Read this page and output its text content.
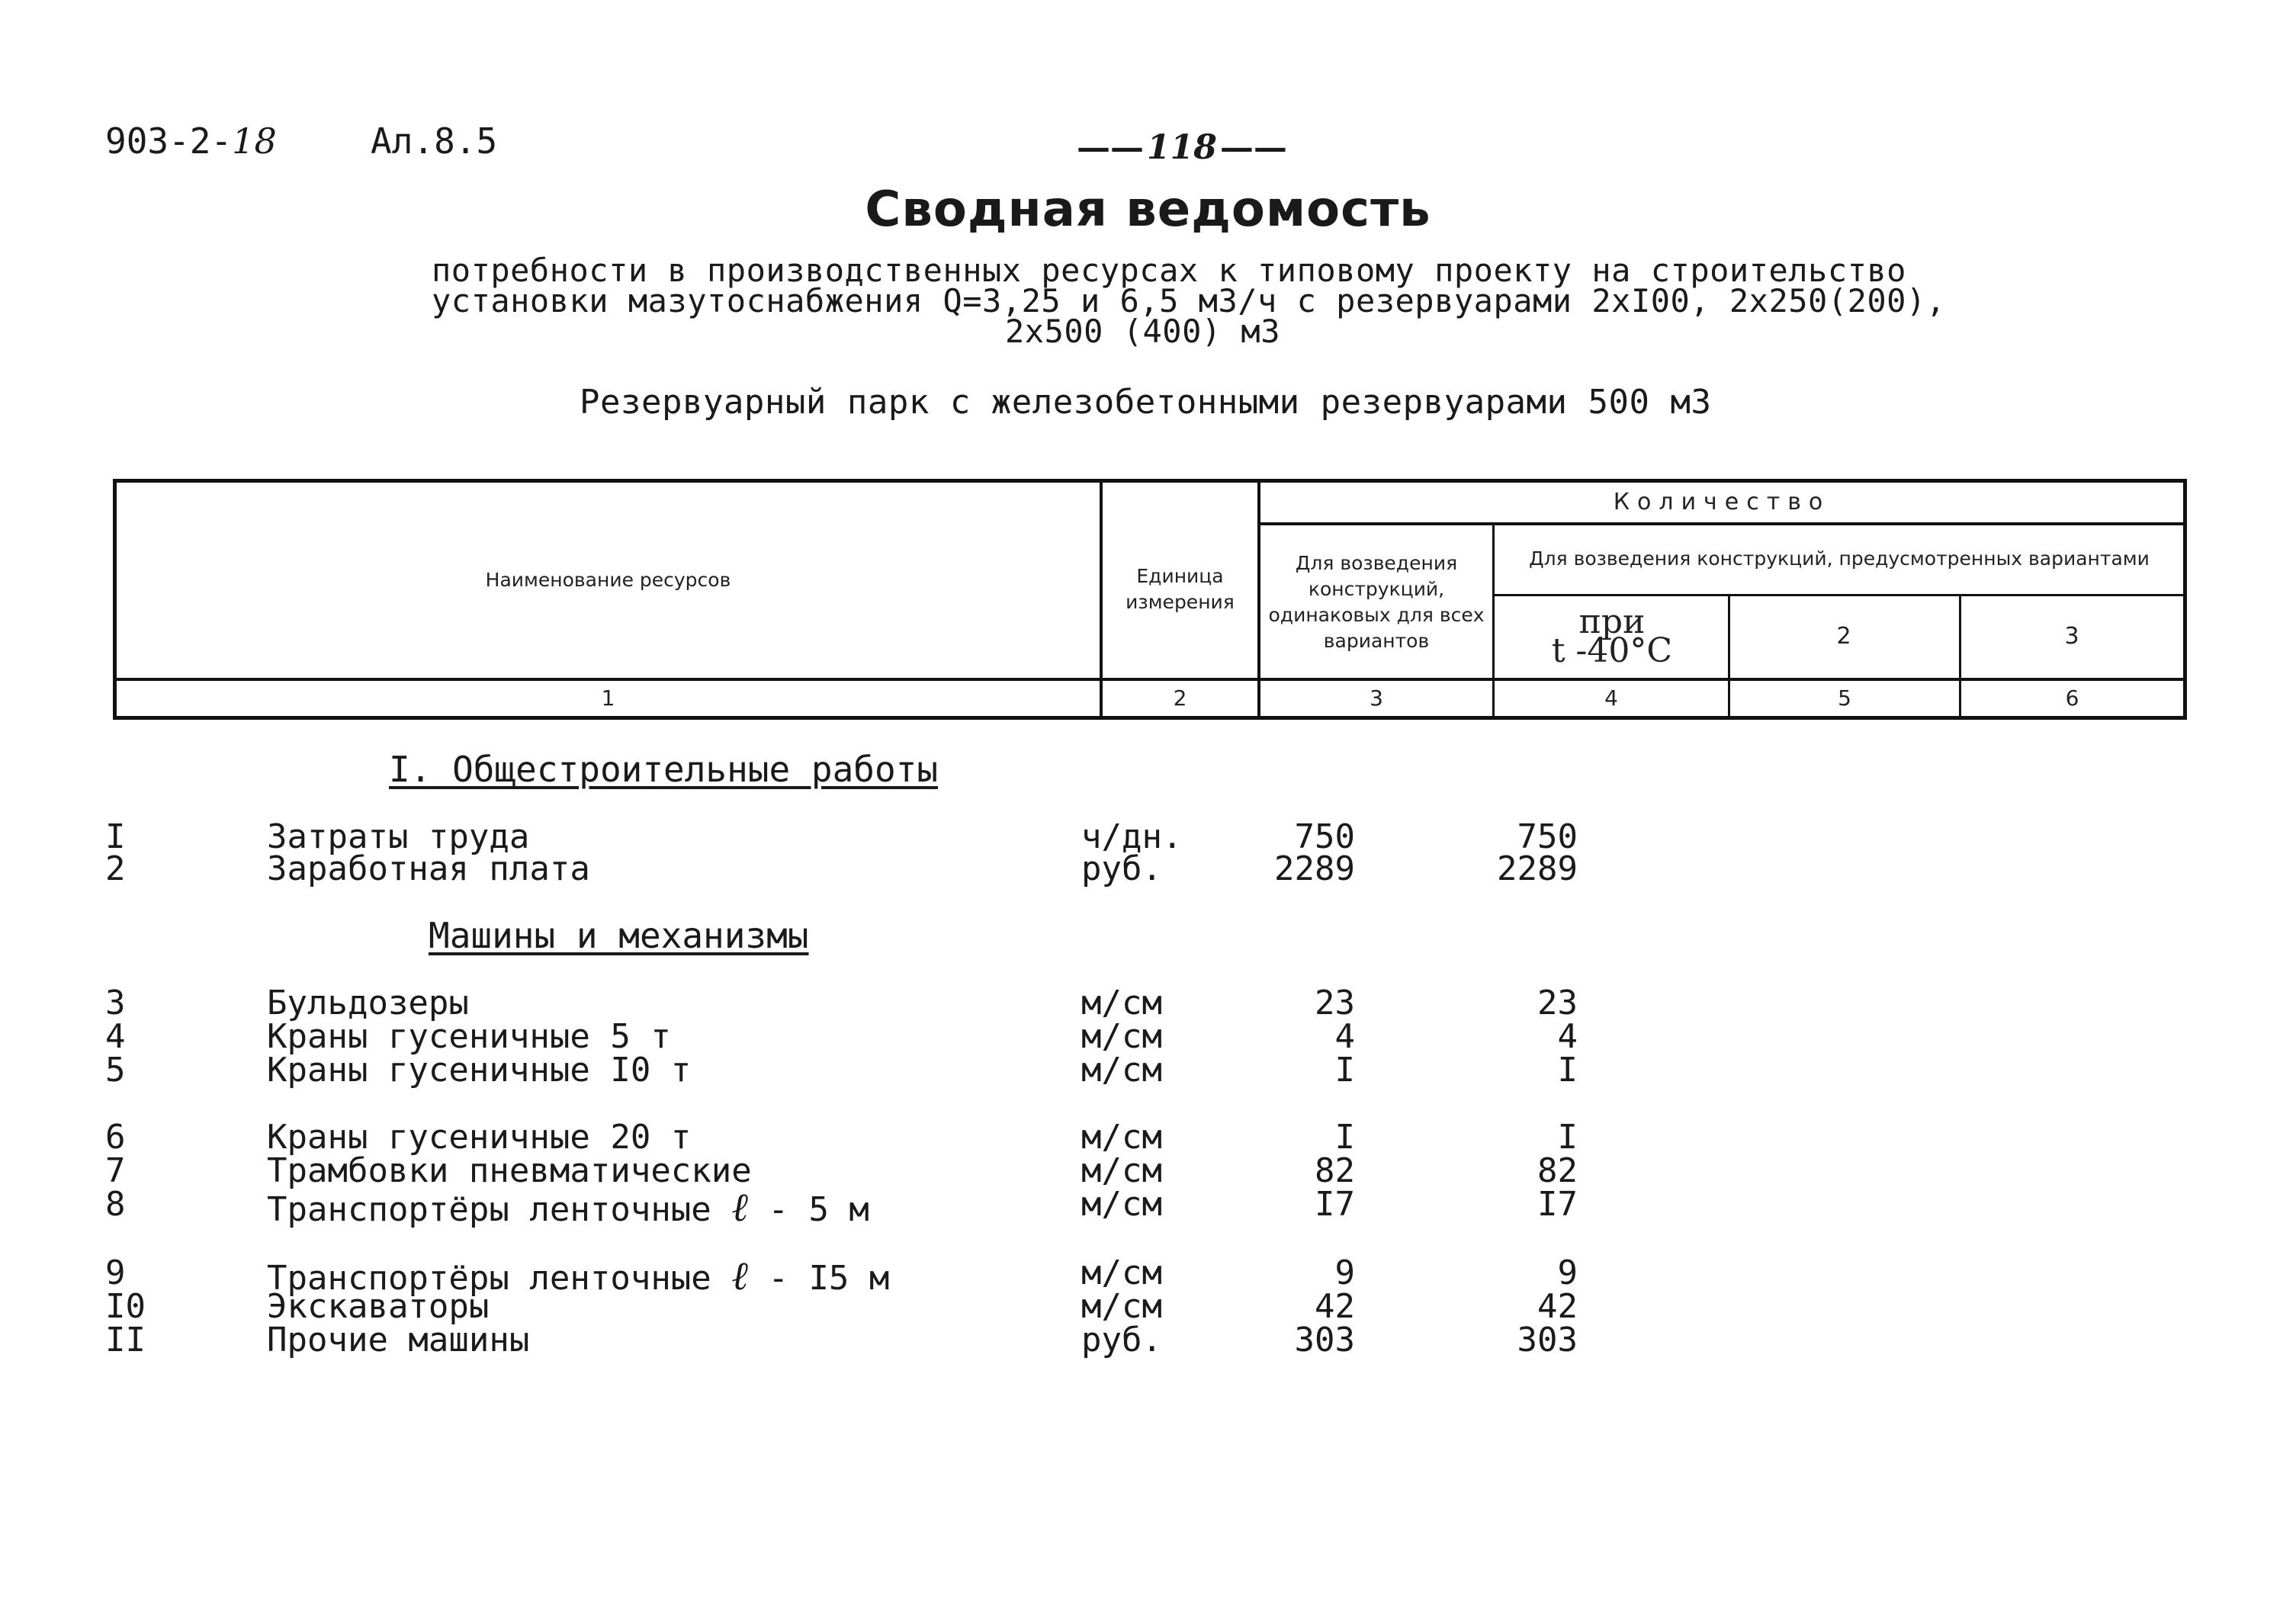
903-2-18	Ал.8.5
——	118 ——
Сводная ведомость
потребности в производственных ресурсах к типовому проекту на строительство
установки мазутоснабжения Q=3,25 и 6,5 м3/ч с резервуарами 2хI00, 2х250(200),
2х500 (400) м3
Резервуарный парк с железобетонными резервуарами 500 м3
Наименование ресурсов	Единица измерения
Количество
Для возведения конструкций, одинаковых для всех вариантов
Для возведения конструкций, предусмотренных вариантами
при
t -40°C	2	3
1	2	3	4	5	6
I. Общестроительные работы
Машины и механизмы
I	Затраты труда	ч/дн.	750	750
2	Заработная плата	руб.	2289	2289
3	Бульдозеры	м/см	23	23
4	Краны гусеничные 5 т	м/см	4	4
5	Краны гусеничные I0 т	м/см	I	I
6	Краны гусеничные 20 т	м/см	I	I
7	Трамбовки пневматические	м/см	82	82
8	Транспортёры ленточные ℓ - 5 м	м/см	I7	I7
9	Транспортёры ленточные ℓ - I5 м	м/см	9	9
I0	Экскаваторы	м/см	42	42
II	Прочие машины	руб.	303	303
